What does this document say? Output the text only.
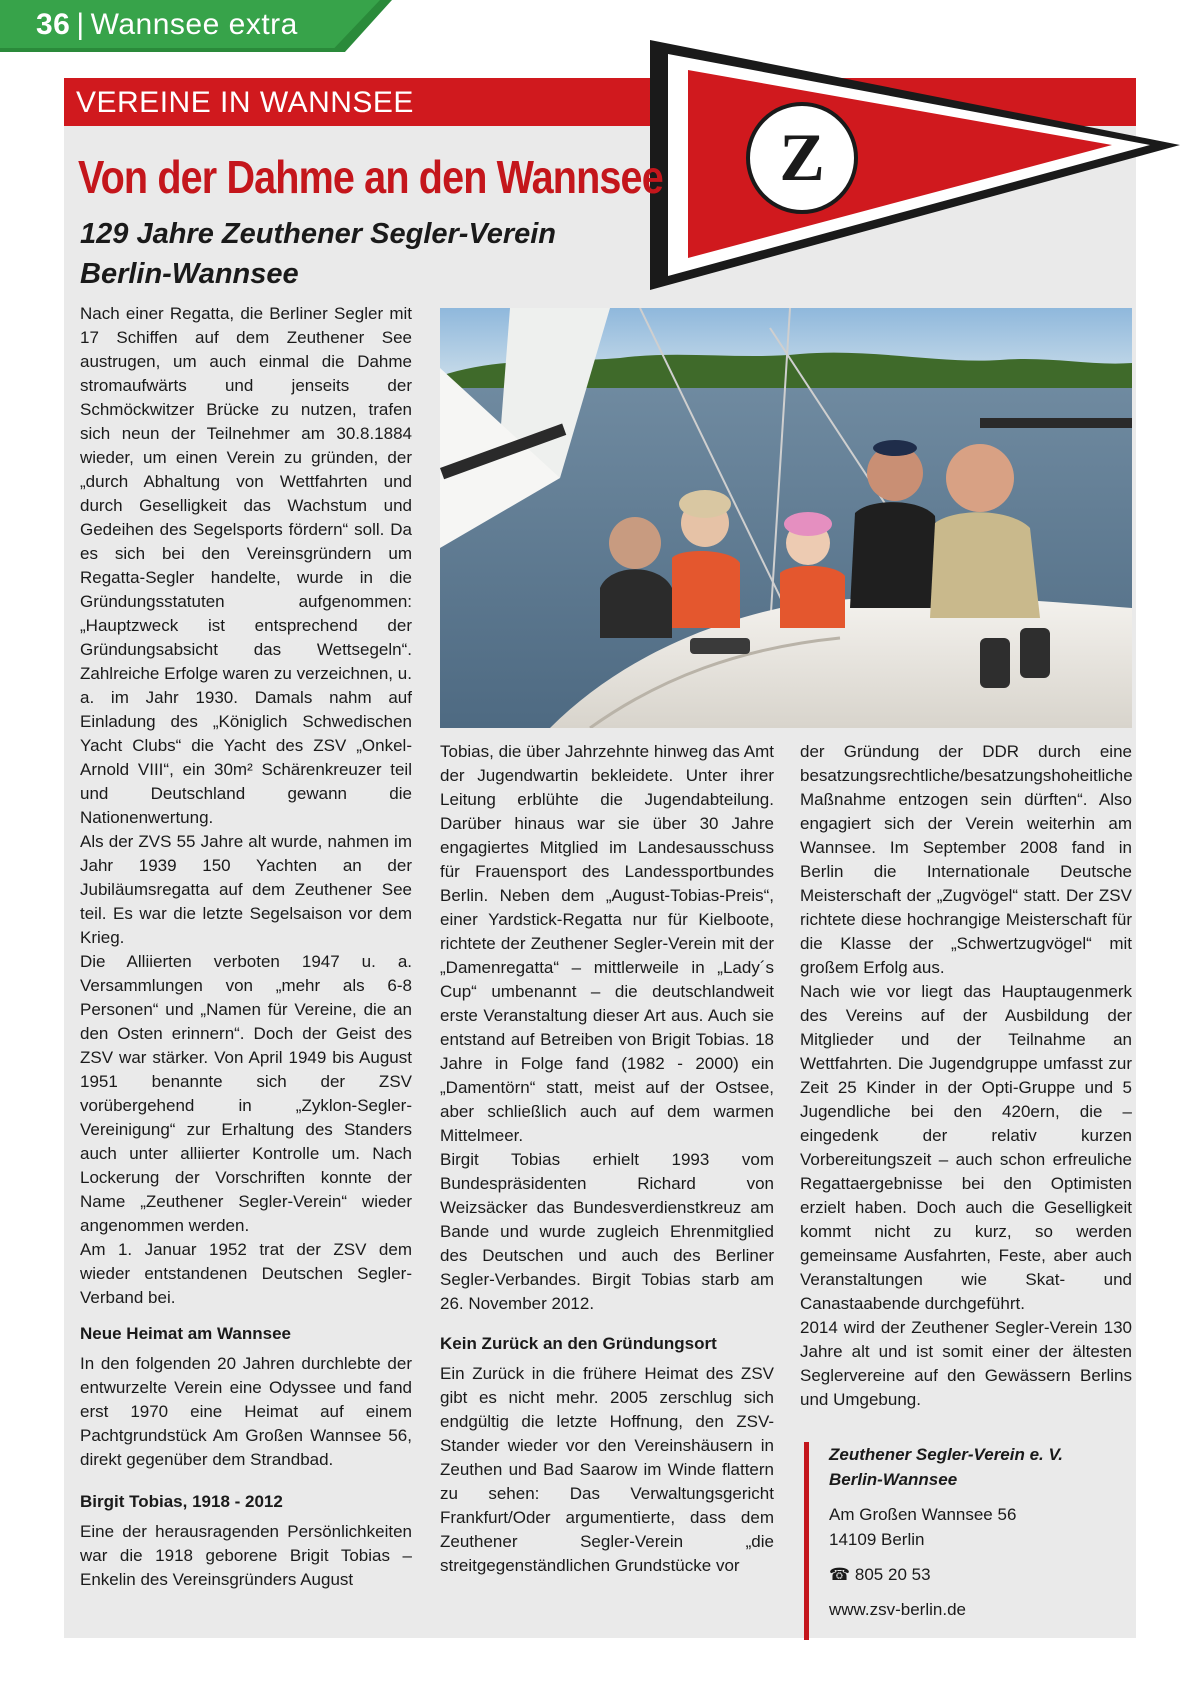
36 | Wannsee extra
VEREINE IN WANNSEE
Z
Von der Dahme an den Wannsee
129 Jahre Zeuthener Segler-Verein
Berlin-Wannsee

Nach einer Regatta, die Berliner Segler mit 17 Schiffen auf dem Zeuthener See austrugen, um auch einmal die Dahme stromaufwärts und jenseits der Schmöckwitzer Brücke zu nutzen, trafen sich neun der Teilnehmer am 30.8.1884 wieder, um einen Verein zu gründen, der „durch Abhaltung von Wettfahrten und durch Geselligkeit das Wachstum und Gedeihen des Segelsports fördern“ soll. Da es sich bei den Vereinsgründern um Regatta-Segler handelte, wurde in die Gründungsstatuten aufgenommen: „Hauptzweck ist entsprechend der Gründungsabsicht das Wettsegeln“. Zahlreiche Erfolge waren zu verzeichnen, u. a. im Jahr 1930. Damals nahm auf Einladung des „Königlich Schwedischen Yacht Clubs“ die Yacht des ZSV „Onkel-Arnold VIII“, ein 30m² Schärenkreuzer teil und Deutschland gewann die Nationenwertung.

Als der ZVS 55 Jahre alt wurde, nahmen im Jahr 1939 150 Yachten an der Jubiläumsregatta auf dem Zeuthener See teil. Es war die letzte Segelsaison vor dem Krieg.

Die Alliierten verboten 1947 u. a. Versammlungen von „mehr als 6-8 Personen“ und „Namen für Vereine, die an den Osten erinnern“. Doch der Geist des ZSV war stärker. Von April 1949 bis August 1951 benannte sich der ZSV vorübergehend in „Zyklon-Segler-Vereinigung“ zur Erhaltung des Standers auch unter alliierter Kontrolle um. Nach Lockerung der Vorschriften konnte der Name „Zeuthener Segler-Verein“ wieder angenommen werden.

Am 1. Januar 1952 trat der ZSV dem wieder entstandenen Deutschen Segler-Verband bei.

Neue Heimat am Wannsee

In den folgenden 20 Jahren durchlebte der entwurzelte Verein eine Odyssee und fand erst 1970 eine Heimat auf einem Pachtgrundstück Am Großen Wannsee 56, direkt gegenüber dem Strandbad.

Birgit Tobias, 1918 - 2012

Eine der herausragenden Persönlichkeiten war die 1918 geborene Brigit Tobias – Enkelin des Vereinsgründers August

Tobias, die über Jahrzehnte hinweg das Amt der Jugendwartin bekleidete. Unter ihrer Leitung erblühte die Jugendabteilung. Darüber hinaus war sie über 30 Jahre engagiertes Mitglied im Landesausschuss für Frauensport des Landessportbundes Berlin. Neben dem „August-Tobias-Preis“, einer Yardstick-Regatta nur für Kielboote, richtete der Zeuthener Segler-Verein mit der „Damenregatta“ – mittlerweile in „Lady´s Cup“ umbenannt – die deutschlandweit erste Veranstaltung dieser Art aus. Auch sie entstand auf Betreiben von Brigit Tobias. 18 Jahre in Folge fand (1982 - 2000) ein „Damentörn“ statt, meist auf der Ostsee, aber schließlich auch auf dem warmen Mittelmeer.

Birgit Tobias erhielt 1993 vom Bundespräsidenten Richard von Weizsäcker das Bundesverdienstkreuz am Bande und wurde zugleich Ehrenmitglied des Deutschen und auch des Berliner Segler-Verbandes. Birgit Tobias starb am 26. November 2012.

Kein Zurück an den Gründungsort

Ein Zurück in die frühere Heimat des ZSV gibt es nicht mehr. 2005 zerschlug sich endgültig die letzte Hoffnung, den ZSV-Stander wieder vor den Vereinshäusern in Zeuthen und Bad Saarow im Winde flattern zu sehen: Das Verwaltungsgericht Frankfurt/Oder argumentierte, dass dem Zeuthener Segler-Verein „die streitgegenständlichen Grundstücke vor

der Gründung der DDR durch eine besatzungsrechtliche/besatzungshoheitliche Maßnahme entzogen sein dürften“. Also engagiert sich der Verein weiterhin am Wannsee. Im September 2008 fand in Berlin die Internationale Deutsche Meisterschaft der „Zugvögel“ statt. Der ZSV richtete diese hochrangige Meisterschaft für die Klasse der „Schwertzugvögel“ mit großem Erfolg aus.

Nach wie vor liegt das Hauptaugenmerk des Vereins auf der Ausbildung der Mitglieder und der Teilnahme an Wettfahrten. Die Jugendgruppe umfasst zur Zeit 25 Kinder in der Opti-Gruppe und 5 Jugendliche bei den 420ern, die – eingedenk der relativ kurzen Vorbereitungszeit – auch schon erfreuliche Regattaergebnisse bei den Optimisten erzielt haben. Doch auch die Geselligkeit kommt nicht zu kurz, so werden gemeinsame Ausfahrten, Feste, aber auch Veranstaltungen wie Skat- und Canastaabende durchgeführt.

2014 wird der Zeuthener Segler-Verein 130 Jahre alt und ist somit einer der ältesten Seglervereine auf den Gewässern Berlins und Umgebung.

Zeuthener Segler-Verein e. V.
Berlin-Wannsee
Am Großen Wannsee 56
14109 Berlin
☎ 805 20 53
www.zsv-berlin.de
